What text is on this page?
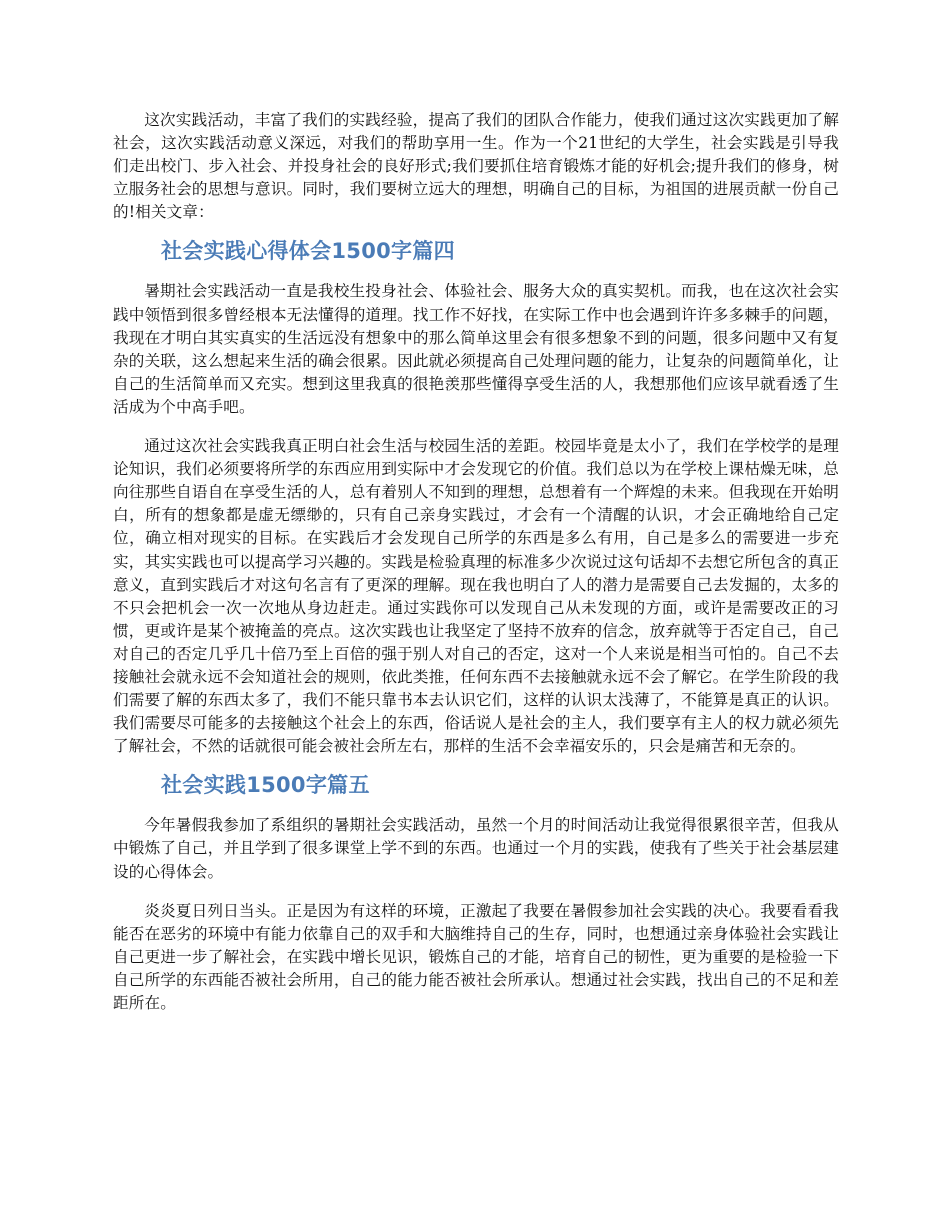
这次实践活动，丰富了我们的实践经验，提高了我们的团队合作能力，使我们通过这次实践更加了解社会，这次实践活动意义深远，对我们的帮助享用一生。作为一个21世纪的大学生，社会实践是引导我们走出校门、步入社会、并投身社会的良好形式;我们要抓住培育锻炼才能的好机会;提升我们的修身，树立服务社会的思想与意识。同时，我们要树立远大的理想，明确自己的目标，为祖国的进展贡献一份自己的!相关文章：

社会实践心得体会1500字篇四

暑期社会实践活动一直是我校生投身社会、体验社会、服务大众的真实契机。而我，也在这次社会实践中领悟到很多曾经根本无法懂得的道理。找工作不好找，在实际工作中也会遇到许许多多棘手的问题，我现在才明白其实真实的生活远没有想象中的那么简单这里会有很多想象不到的问题，很多问题中又有复杂的关联，这么想起来生活的确会很累。因此就必须提高自己处理问题的能力，让复杂的问题简单化，让自己的生活简单而又充实。想到这里我真的很艳羡那些懂得享受生活的人，我想那他们应该早就看透了生活成为个中高手吧。

通过这次社会实践我真正明白社会生活与校园生活的差距。校园毕竟是太小了，我们在学校学的是理论知识，我们必须要将所学的东西应用到实际中才会发现它的价值。我们总以为在学校上课枯燥无味，总向往那些自语自在享受生活的人，总有着别人不知到的理想，总想着有一个辉煌的未来。但我现在开始明白，所有的想象都是虚无缥缈的，只有自己亲身实践过，才会有一个清醒的认识，才会正确地给自己定位，确立相对现实的目标。在实践后才会发现自己所学的东西是多么有用，自己是多么的需要进一步充实，其实实践也可以提高学习兴趣的。实践是检验真理的标准多少次说过这句话却不去想它所包含的真正意义，直到实践后才对这句名言有了更深的理解。现在我也明白了人的潜力是需要自己去发掘的，太多的不只会把机会一次一次地从身边赶走。通过实践你可以发现自己从未发现的方面，或许是需要改正的习惯，更或许是某个被掩盖的亮点。这次实践也让我坚定了坚持不放弃的信念，放弃就等于否定自己，自己对自己的否定几乎几十倍乃至上百倍的强于别人对自己的否定，这对一个人来说是相当可怕的。自己不去接触社会就永远不会知道社会的规则，依此类推，任何东西不去接触就永远不会了解它。在学生阶段的我们需要了解的东西太多了，我们不能只靠书本去认识它们，这样的认识太浅薄了，不能算是真正的认识。我们需要尽可能多的去接触这个社会上的东西，俗话说人是社会的主人，我们要享有主人的权力就必须先了解社会，不然的话就很可能会被社会所左右，那样的生活不会幸福安乐的，只会是痛苦和无奈的。

社会实践1500字篇五

今年暑假我参加了系组织的暑期社会实践活动，虽然一个月的时间活动让我觉得很累很辛苦，但我从中锻炼了自己，并且学到了很多课堂上学不到的东西。也通过一个月的实践，使我有了些关于社会基层建设的心得体会。

炎炎夏日列日当头。正是因为有这样的环境，正激起了我要在暑假参加社会实践的决心。我要看看我能否在恶劣的环境中有能力依靠自己的双手和大脑维持自己的生存，同时，也想通过亲身体验社会实践让自己更进一步了解社会，在实践中增长见识，锻炼自己的才能，培育自己的韧性，更为重要的是检验一下自己所学的东西能否被社会所用，自己的能力能否被社会所承认。想通过社会实践，找出自己的不足和差距所在。
